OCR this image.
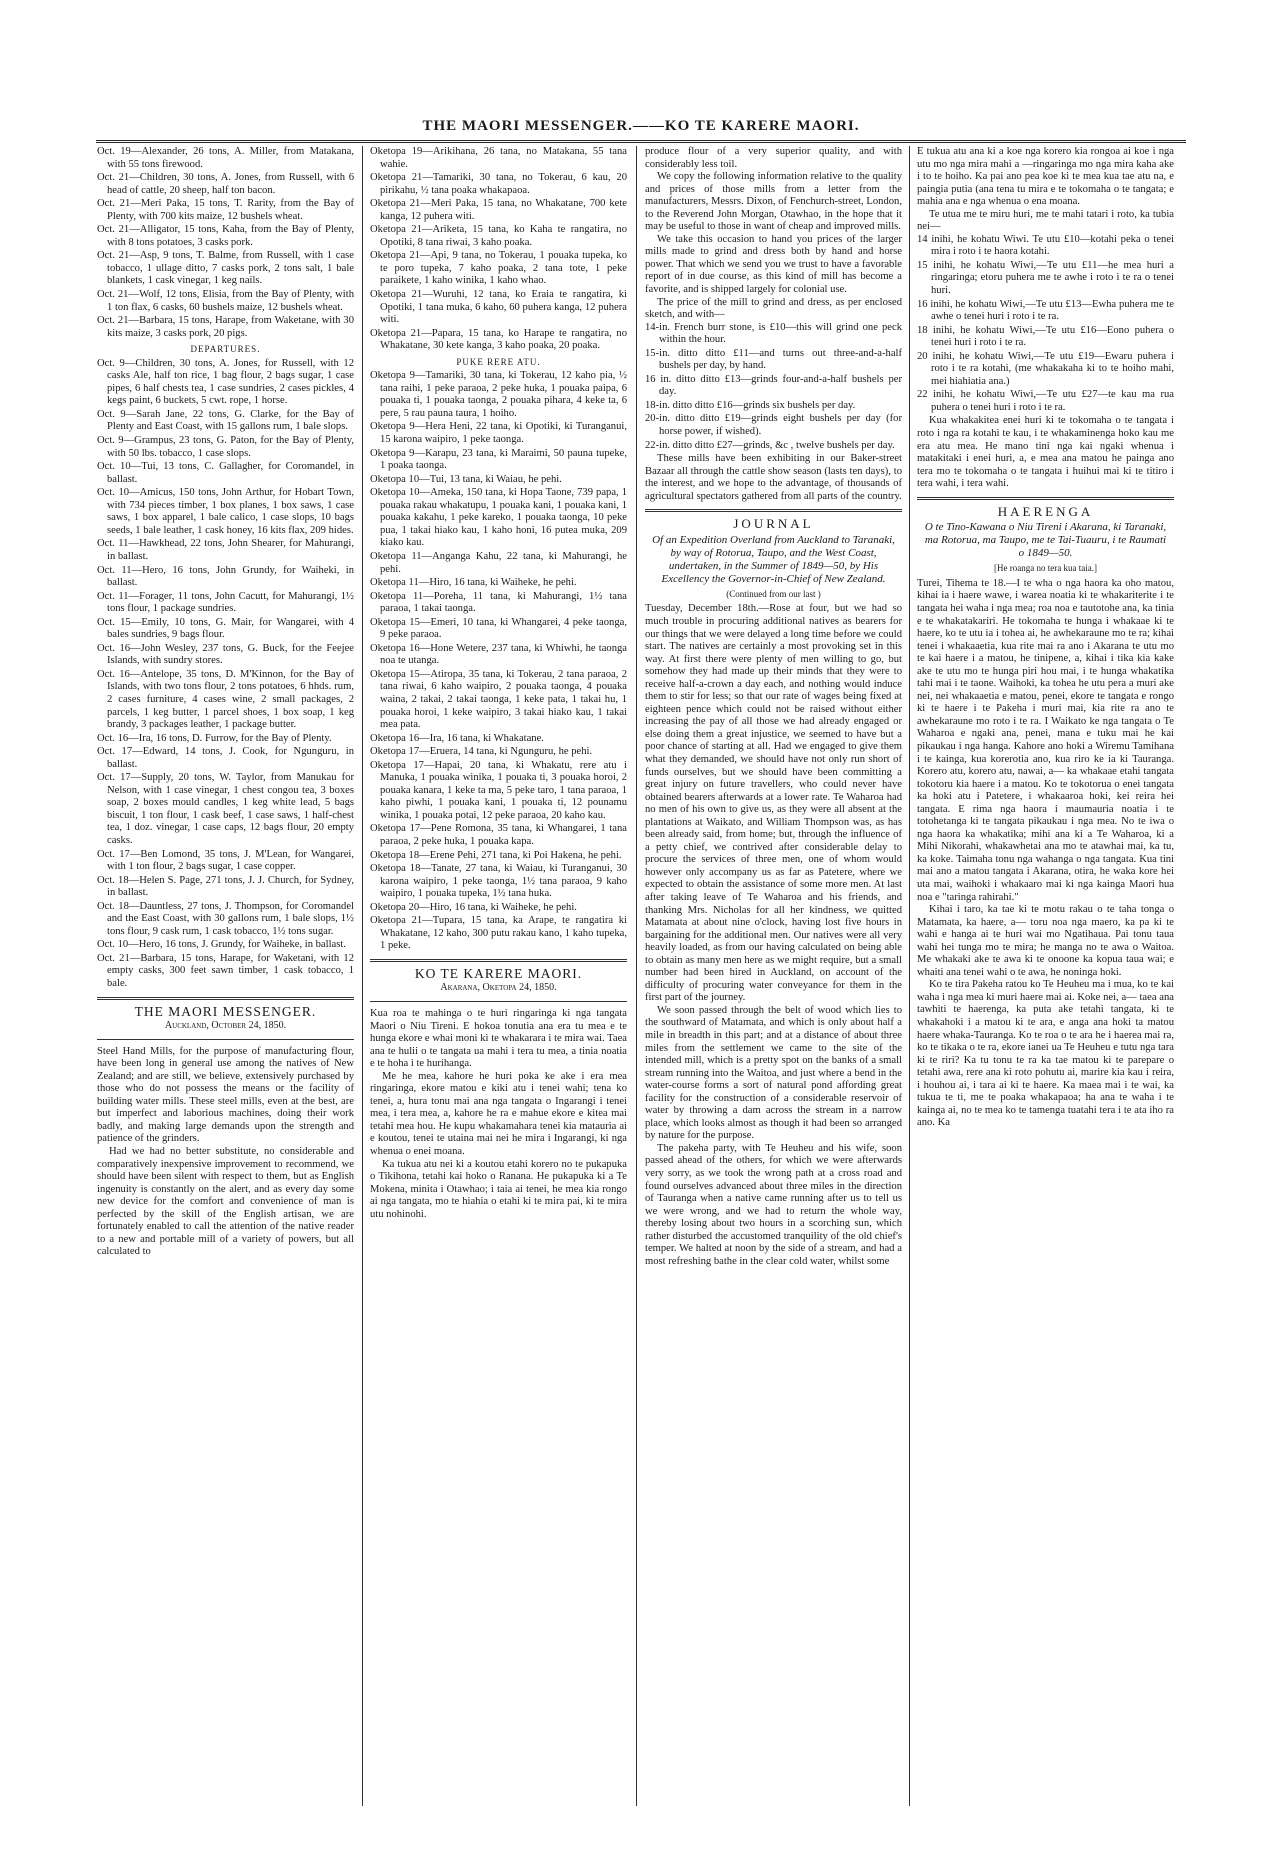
THE MAORI MESSENGER.——KO TE KARERE MAORI.

Oct. 19—Alexander, 26 tons, A. Miller, from Matakana, with 55 tons firewood.

Oct. 21—Children, 30 tons, A. Jones, from Russell, with 6 head of cattle, 20 sheep, half ton bacon.

Oct. 21—Meri Paka, 15 tons, T. Rarity, from the Bay of Plenty, with 700 kits maize, 12 bushels wheat.

Oct. 21—Alligator, 15 tons, Kaha, from the Bay of Plenty, with 8 tons potatoes, 3 casks pork.

Oct. 21—Asp, 9 tons, T. Balme, from Russell, with 1 case tobacco, 1 ullage ditto, 7 casks pork, 2 tons salt, 1 bale blankets, 1 cask vinegar, 1 keg nails.

Oct. 21—Wolf, 12 tons, Elisia, from the Bay of Plenty, with 1 ton flax, 6 casks, 60 bushels maize, 12 bushels wheat.

Oct. 21—Barbara, 15 tons, Harape, from Waketane, with 30 kits maize, 3 casks pork, 20 pigs.

DEPARTURES.

Oct. 9—Children, 30 tons, A. Jones, for Russell, with 12 casks Ale, half ton rice, 1 bag flour, 2 bags sugar, 1 case pipes, 6 half chests tea, 1 case sundries, 2 cases pickles, 4 kegs paint, 6 buckets, 5 cwt. rope, 1 horse.

Oct. 9—Sarah Jane, 22 tons, G. Clarke, for the Bay of Plenty and East Coast, with 15 gallons rum, 1 bale slops.

Oct. 9—Grampus, 23 tons, G. Paton, for the Bay of Plenty, with 50 lbs. tobacco, 1 case slops.

Oct. 10—Tui, 13 tons, C. Gallagher, for Coromandel, in ballast.

Oct. 10—Amicus, 150 tons, John Arthur, for Hobart Town, with 734 pieces timber, 1 box planes, 1 box saws, 1 case saws, 1 box apparel, 1 bale calico, 1 case slops, 10 bags seeds, 1 bale leather, 1 cask honey, 16 kits flax, 209 hides.

Oct. 11—Hawkhead, 22 tons, John Shearer, for Mahurangi, in ballast.

Oct. 11—Hero, 16 tons, John Grundy, for Waiheki, in ballast.

Oct. 11—Forager, 11 tons, John Cacutt, for Mahurangi, 1½ tons flour, 1 package sundries.

Oct. 15—Emily, 10 tons, G. Mair, for Wangarei, with 4 bales sundries, 9 bags flour.

Oct. 16—John Wesley, 237 tons, G. Buck, for the Feejee Islands, with sundry stores.

Oct. 16—Antelope, 35 tons, D. M'Kinnon, for the Bay of Islands, with two tons flour, 2 tons potatoes, 6 hhds. rum, 2 cases furniture, 4 cases wine, 2 small packages, 2 parcels, 1 keg butter, 1 parcel shoes, 1 box soap, 1 keg brandy, 3 packages leather, 1 package butter.

Oct. 16—Ira, 16 tons, D. Furrow, for the Bay of Plenty.

Oct. 17—Edward, 14 tons, J. Cook, for Ngunguru, in ballast.

Oct. 17—Supply, 20 tons, W. Taylor, from Manukau for Nelson, with 1 case vinegar, 1 chest congou tea, 3 boxes soap, 2 boxes mould candles, 1 keg white lead, 5 bags biscuit, 1 ton flour, 1 cask beef, 1 case saws, 1 half-chest tea, 1 doz. vinegar, 1 case caps, 12 bags flour, 20 empty casks.

Oct. 17—Ben Lomond, 35 tons, J. M'Lean, for Wangarei, with 1 ton flour, 2 bags sugar, 1 case copper.

Oct. 18—Helen S. Page, 271 tons, J. J. Church, for Sydney, in ballast.

Oct. 18—Dauntless, 27 tons, J. Thompson, for Coromandel and the East Coast, with 30 gallons rum, 1 bale slops, 1½ tons flour, 9 cask rum, 1 cask tobacco, 1½ tons sugar.

Oct. 10—Hero, 16 tons, J. Grundy, for Waiheke, in ballast.

Oct. 21—Barbara, 15 tons, Harape, for Waketani, with 12 empty casks, 300 feet sawn timber, 1 cask tobacco, 1 bale.

THE MAORI MESSENGER.
Auckland, October 24, 1850.

Steel Hand Mills, for the purpose of manufacturing flour, have been long in general use among the natives of New Zealand; and are still, we believe, extensively purchased by those who do not possess the means or the facility of building water mills. These steel mills, even at the best, are but imperfect and laborious machines, doing their work badly, and making large demands upon the strength and patience of the grinders.

Had we had no better substitute, no considerable and comparatively inexpensive improvement to recommend, we should have been silent with respect to them, but as English ingenuity is constantly on the alert, and as every day some new device for the comfort and convenience of man is perfected by the skill of the English artisan, we are fortunately enabled to call the attention of the native reader to a new and portable mill of a variety of powers, but all calculated to

Oketopa 19—Arikihana, 26 tana, no Matakana, 55 tana wahie.

Oketopa 21—Tamariki, 30 tana, no Tokerau, 6 kau, 20 pirikahu, ½ tana poaka whakapaoa.

Oketopa 21—Meri Paka, 15 tana, no Whakatane, 700 kete kanga, 12 puhera witi.

Oketopa 21—Ariketa, 15 tana, ko Kaha te rangatira, no Opotiki, 8 tana riwai, 3 kaho poaka.

Oketopa 21—Api, 9 tana, no Tokerau, 1 pouaka tupeka, ko te poro tupeka, 7 kaho poaka, 2 tana tote, 1 peke paraikete, 1 kaho winika, 1 kaho whao.

Oketopa 21—Wuruhi, 12 tana, ko Eraia te rangatira, ki Opotiki, 1 tana muka, 6 kaho, 60 puhera kanga, 12 puhera witi.

Oketopa 21—Papara, 15 tana, ko Harape te rangatira, no Whakatane, 30 kete kanga, 3 kaho poaka, 20 poaka.

PUKE RERE ATU.

Oketopa 9—Tamariki, 30 tana, ki Tokerau, 12 kaho pia, ½ tana raihi, 1 peke paraoa, 2 peke huka, 1 pouaka paipa, 6 pouaka ti, 1 pouaka taonga, 2 pouaka pihara, 4 keke ta, 6 pere, 5 rau pauna taura, 1 hoiho.

Oketopa 9—Hera Heni, 22 tana, ki Opotiki, ki Turanganui, 15 karona waipiro, 1 peke taonga.

Oketopa 9—Karapu, 23 tana, ki Maraimi, 50 pauna tupeke, 1 poaka taonga.

Oketopa 10—Tui, 13 tana, ki Waiau, he pehi.

Oketopa 10—Ameka, 150 tana, ki Hopa Taone, 739 papa, 1 pouaka rakau whakatupu, 1 pouaka kani, 1 pouaka kani, 1 pouaka kakahu, 1 peke kareko, 1 pouaka taonga, 10 peke pua, 1 takai hiako kau, 1 kaho honi, 16 putea muka, 209 kiako kau.

Oketopa 11—Anganga Kahu, 22 tana, ki Mahurangi, he pehi.

Oketopa 11—Hiro, 16 tana, ki Waiheke, he pehi.

Oketopa 11—Poreha, 11 tana, ki Mahurangi, 1½ tana paraoa, 1 takai taonga.

Oketopa 15—Emeri, 10 tana, ki Whangarei, 4 peke taonga, 9 peke paraoa.

Oketopa 16—Hone Wetere, 237 tana, ki Whiwhi, he taonga noa te utanga.

Oketopa 15—Atiropa, 35 tana, ki Tokerau, 2 tana paraoa, 2 tana riwai, 6 kaho waipiro, 2 pouaka taonga, 4 pouaka waina, 2 takai, 2 takai taonga, 1 keke pata, 1 takai hu, 1 pouaka horoi, 1 keke waipiro, 3 takai hiako kau, 1 takai mea pata.

Oketopa 16—Ira, 16 tana, ki Whakatane.

Oketopa 17—Eruera, 14 tana, ki Ngunguru, he pehi.

Oketopa 17—Hapai, 20 tana, ki Whakatu, rere atu i Manuka, 1 pouaka winika, 1 pouaka ti, 3 pouaka horoi, 2 pouaka kanara, 1 keke ta ma, 5 peke taro, 1 tana paraoa, 1 kaho piwhi, 1 pouaka kani, 1 pouaka ti, 12 pounamu winika, 1 pouaka potai, 12 peke paraoa, 20 kaho kau.

Oketopa 17—Pene Romona, 35 tana, ki Whangarei, 1 tana paraoa, 2 peke huka, 1 pouaka kapa.

Oketopa 18—Erene Pehi, 271 tana, ki Poi Hakena, he pehi.

Oketopa 18—Tanate, 27 tana, ki Waiau, ki Turanganui, 30 karona waipiro, 1 peke taonga, 1½ tana paraoa, 9 kaho waipiro, 1 pouaka tupeka, 1½ tana huka.

Oketopa 20—Hiro, 16 tana, ki Waiheke, he pehi.

Oketopa 21—Tupara, 15 tana, ka Arape, te rangatira ki Whakatane, 12 kaho, 300 putu rakau kano, 1 kaho tupeka, 1 peke.

KO TE KARERE MAORI.
Akarana, Oketopa 24, 1850.

Kua roa te mahinga o te huri ringaringa ki nga tangata Maori o Niu Tireni. E hokoa tonutia ana era tu mea e te hunga ekore e whai moni ki te whakarara i te mira wai. Taea ana te hulii o te tangata ua mahi i tera tu mea, a tinia noatia e te hoha i te hurihanga.

Me he mea, kahore he huri poka ke ake i era mea ringaringa, ekore matou e kiki atu i tenei wahi; tena ko tenei, a, hura tonu mai ana nga tangata o Ingarangi i tenei mea, i tera mea, a, kahore he ra e mahue ekore e kitea mai tetahi mea hou. He kupu whakamahara tenei kia matauria ai e koutou, tenei te utaina mai nei he mira i Ingarangi, ki nga whenua o enei moana.

Ka tukua atu nei ki a koutou etahi korero no te pukapuka o Tikihona, tetahi kai hoko o Ranana. He pukapuka ki a Te Mokena, minita i Otawhao; i taia ai tenei, he mea kia rongo ai nga tangata, mo te hiahia o etahi ki te mira pai, ki te mira utu nohinohi.

produce flour of a very superior quality, and with considerably less toil.

We copy the following information relative to the quality and prices of those mills from a letter from the manufacturers, Messrs. Dixon, of Fenchurch-street, London, to the Reverend John Morgan, Otawhao, in the hope that it may be useful to those in want of cheap and improved mills.

We take this occasion to hand you prices of the larger mills made to grind and dress both by hand and horse power. That which we send you we trust to have a favorable report of in due course, as this kind of mill has become a favorite, and is shipped largely for colonial use.

The price of the mill to grind and dress, as per enclosed sketch, and with—

14-in. French burr stone, is £10—this will grind one peck within the hour.

15-in. ditto ditto £11—and turns out three-and-a-half bushels per day, by hand.

16 in. ditto ditto £13—grinds four-and-a-half bushels per day.

18-in. ditto ditto £16—grinds six bushels per day.

20-in. ditto ditto £19—grinds eight bushels per day (for horse power, if wished).

22-in. ditto ditto £27—grinds, &c , twelve bushels per day.

These mills have been exhibiting in our Baker-street Bazaar all through the cattle show season (lasts ten days), to the interest, and we hope to the advantage, of thousands of agricultural spectators gathered from all parts of the country.

JOURNAL
Of an Expedition Overland from Auckland to Taranaki, by way of Rotorua, Taupo, and the West Coast, undertaken, in the Summer of 1849—50, by His Excellency the Governor-in-Chief of New Zealand.
(Continued from our last )

Tuesday, December 18th.—Rose at four, but we had so much trouble in procuring additional natives as bearers for our things that we were delayed a long time before we could start. The natives are certainly a most provoking set in this way. At first there were plenty of men willing to go, but somehow they had made up their minds that they were to receive half-a-crown a day each, and nothing would induce them to stir for less; so that our rate of wages being fixed at eighteen pence which could not be raised without either increasing the pay of all those we had already engaged or else doing them a great injustice, we seemed to have but a poor chance of starting at all. Had we engaged to give them what they demanded, we should have not only run short of funds ourselves, but we should have been committing a great injury on future travellers, who could never have obtained bearers afterwards at a lower rate. Te Waharoa had no men of his own to give us, as they were all absent at the plantations at Waikato, and William Thompson was, as has been already said, from home; but, through the influence of a petty chief, we contrived after considerable delay to procure the services of three men, one of whom would however only accompany us as far as Patetere, where we expected to obtain the assistance of some more men. At last after taking leave of Te Waharoa and his friends, and thanking Mrs. Nicholas for all her kindness, we quitted Matamata at about nine o'clock, having lost five hours in bargaining for the additional men. Our natives were all very heavily loaded, as from our having calculated on being able to obtain as many men here as we might require, but a small number had been hired in Auckland, on account of the difficulty of procuring water conveyance for them in the first part of the journey.

We soon passed through the belt of wood which lies to the southward of Matamata, and which is only about half a mile in breadth in this part; and at a distance of about three miles from the settlement we came to the site of the intended mill, which is a pretty spot on the banks of a small stream running into the Waitoa, and just where a bend in the water-course forms a sort of natural pond affording great facility for the construction of a considerable reservoir of water by throwing a dam across the stream in a narrow place, which looks almost as though it had been so arranged by nature for the purpose.

The pakeha party, with Te Heuheu and his wife, soon passed ahead of the others, for which we were afterwards very sorry, as we took the wrong path at a cross road and found ourselves advanced about three miles in the direction of Tauranga when a native came running after us to tell us we were wrong, and we had to return the whole way, thereby losing about two hours in a scorching sun, which rather disturbed the accustomed tranquility of the old chief's temper. We halted at noon by the side of a stream, and had a most refreshing bathe in the clear cold water, whilst some

E tukua atu ana ki a koe nga korero kia rongoa ai koe i nga utu mo nga mira mahi a —ringaringa mo nga mira kaha ake i to te hoiho. Ka pai ano pea koe ki te mea kua tae atu na, e paingia putia (ana tena tu mira e te tokomaha o te tangata; e mahia ana e nga whenua o ena moana.

Te utua me te miru huri, me te mahi tatari i roto, ka tubia nei—

14 inihi, he kohatu Wiwi. Te utu £10—kotahi peka o tenei mira i roto i te haora kotahi.

15 inihi, he kohatu Wiwi,—Te utu £11—he mea huri a ringaringa; etoru puhera me te awhe i roto i te ra o tenei huri.

16 inihi, he kohatu Wiwi,—Te utu £13—Ewha puhera me te awhe o tenei huri i roto i te ra.

18 inihi, he kohatu Wiwi,—Te utu £16—Eono puhera o tenei huri i roto i te ra.

20 inihi, he kohatu Wiwi,—Te utu £19—Ewaru puhera i roto i te ra kotahi, (me whakakaha ki to te hoiho mahi, mei hiahiatia ana.)

22 inihi, he kohatu Wiwi,—Te utu £27—te kau ma rua puhera o tenei huri i roto i te ra.

Kua whakakitea enei huri ki te tokomaha o te tangata i roto i nga ra kotahi te kau, i te whakaminenga hoko kau me era atu mea. He mano tini nga kai ngaki whenua i matakitaki i enei huri, a, e mea ana matou he painga ano tera mo te tokomaha o te tangata i huihui mai ki te titiro i tera wahi, i tera wahi.

HAERENGA
O te Tino-Kawana o Niu Tireni i Akarana, ki Taranaki, ma Rotorua, ma Taupo, me te Tai-Tuauru, i te Raumati o 1849—50.
[He roanga no tera kua taia.]

Turei, Tihema te 18.—I te wha o nga haora ka oho matou, kihai ia i haere wawe, i warea noatia ki te whakariterite i te tangata hei waha i nga mea; roa noa e tautotohe ana, ka tinia e te whakatakariri. He tokomaha te hunga i whakaae ki te haere, ko te utu ia i tohea ai, he awhekaraune mo te ra; kihai tenei i whakaaetia, kua rite mai ra ano i Akarana te utu mo te kai haere i a matou, he tinipene, a, kihai i tika kia kake ake te utu mo te hunga piri hou mai, i te hunga whakatika tahi mai i te taone. Waihoki, ka tohea he utu pera a muri ake nei, nei whakaaetia e matou, penei, ekore te tangata e rongo ki te haere i te Pakeha i muri mai, kia rite ra ano te awhekaraune mo roto i te ra. I Waikato ke nga tangata o Te Waharoa e ngaki ana, penei, mana e tuku mai he kai pikaukau i nga hanga. Kahore ano hoki a Wiremu Tamihana i te kainga, kua korerotia ano, kua riro ke ia ki Tauranga. Korero atu, korero atu, nawai, a— ka whakaae etahi tangata tokotoru kia haere i a matou. Ko te tokotorua o enei tangata ka hoki atu i Patetere, i whakaaroa hoki, kei reira hei tangata. E rima nga haora i maumauria noatia i te totohetanga ki te tangata pikaukau i nga mea. No te iwa o nga haora ka whakatika; mihi ana ki a Te Waharoa, ki a Mihi Nikorahi, whakawhetai ana mo te atawhai mai, ka tu, ka koke. Taimaha tonu nga wahanga o nga tangata. Kua tini mai ano a matou tangata i Akarana, otira, he waka kore hei uta mai, waihoki i whakaaro mai ki nga kainga Maori hua noa e "taringa rahirahi."

Kihai i taro, ka tae ki te motu rakau o te taha tonga o Matamata, ka haere, a— toru noa nga maero, ka pa ki te wahi e hanga ai te huri wai mo Ngatihaua. Pai tonu taua wahi hei tunga mo te mira; he manga no te awa o Waitoa. Me whakaki ake te awa ki te onoone ka kopua taua wai; e whaiti ana tenei wahi o te awa, he noninga hoki.

Ko te tira Pakeha ratou ko Te Heuheu ma i mua, ko te kai waha i nga mea ki muri haere mai ai. Koke nei, a— taea ana tawhiti te haerenga, ka puta ake tetahi tangata, ki te whakahoki i a matou ki te ara, e anga ana hoki ta matou haere whaka-Tauranga. Ko te roa o te ara he i haerea mai ra, ko te tikaka o te ra, ekore ianei ua Te Heuheu e tutu nga tara ki te riri? Ka tu tonu te ra ka tae matou ki te parepare o tetahi awa, rere ana ki roto pohutu ai, marire kia kau i reira, i houhou ai, i tara ai ki te haere. Ka maea mai i te wai, ka tukua te ti, me te poaka whakapaoa; ha ana te waha i te kainga ai, no te mea ko te tamenga tuatahi tera i te ata iho ra ano. Ka
